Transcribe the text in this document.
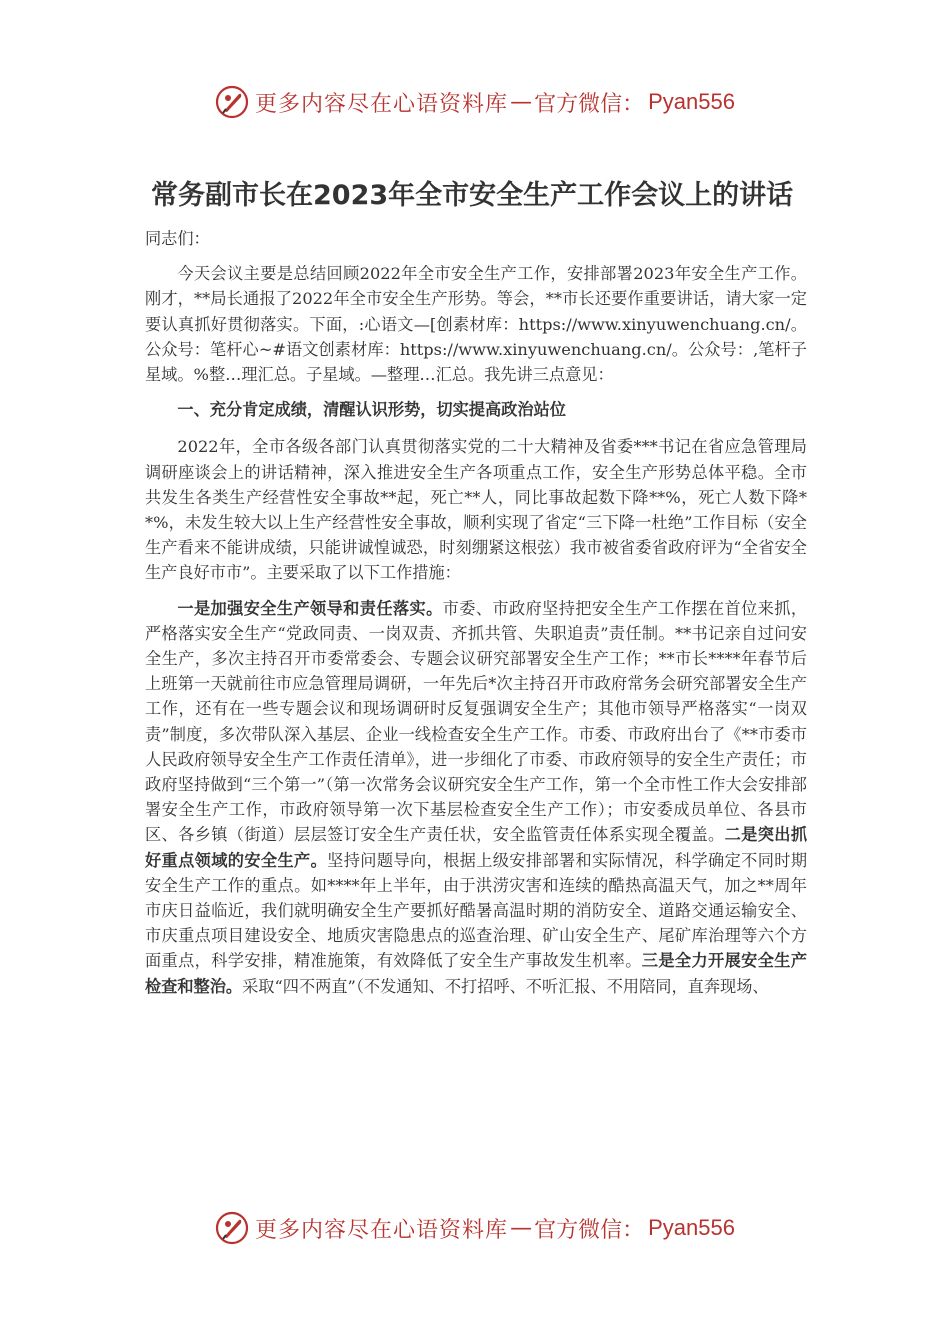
更多内容尽在心语资料库 — 官方微信： Pyan556
常务副市长在2023年全市安全生产工作会议上的讲话

同志们：

今天会议主要是总结回顾2022年全市安全生产工作，安排部署2023年安全生产工作。刚才，**局长通报了2022年全市安全生产形势。等会，**市长还要作重要讲话，请大家一定要认真抓好贯彻落实。下面，:心语文—[创素材库：https://www.xinyuwenchuang.cn/。公众号：笔杆心~#语文创素材库：https://www.xinyuwenchuang.cn/。公众号：,笔杆子星域。%整…理汇总。子星域。—整理…汇总。我先讲三点意见：

一、充分肯定成绩，清醒认识形势，切实提高政治站位

2022年，全市各级各部门认真贯彻落实党的二十大精神及省委***书记在省应急管理局调研座谈会上的讲话精神，深入推进安全生产各项重点工作，安全生产形势总体平稳。全市共发生各类生产经营性安全事故**起，死亡**人，同比事故起数下降**%，死亡人数下降**%，未发生较大以上生产经营性安全事故，顺利实现了省定“三下降一杜绝”工作目标（安全生产看来不能讲成绩，只能讲诚惶诚恐，时刻绷紧这根弦）我市被省委省政府评为“全省安全生产良好市市”。主要采取了以下工作措施：

一是加强安全生产领导和责任落实。市委、市政府坚持把安全生产工作摆在首位来抓，严格落实安全生产“党政同责、一岗双责、齐抓共管、失职追责”责任制。**书记亲自过问安全生产，多次主持召开市委常委会、专题会议研究部署安全生产工作；**市长****年春节后上班第一天就前往市应急管理局调研，一年先后*次主持召开市政府常务会研究部署安全生产工作，还有在一些专题会议和现场调研时反复强调安全生产；其他市领导严格落实“一岗双责”制度，多次带队深入基层、企业一线检查安全生产工作。市委、市政府出台了《**市委市人民政府领导安全生产工作责任清单》，进一步细化了市委、市政府领导的安全生产责任；市政府坚持做到“三个第一”（第一次常务会议研究安全生产工作，第一个全市性工作大会安排部署安全生产工作，市政府领导第一次下基层检查安全生产工作）；市安委成员单位、各县市区、各乡镇（街道）层层签订安全生产责任状，安全监管责任体系实现全覆盖。二是突出抓好重点领域的安全生产。坚持问题导向，根据上级安排部署和实际情况，科学确定不同时期安全生产工作的重点。如****年上半年，由于洪涝灾害和连续的酷热高温天气，加之**周年市庆日益临近，我们就明确安全生产要抓好酷暑高温时期的消防安全、道路交通运输安全、市庆重点项目建设安全、地质灾害隐患点的巡查治理、矿山安全生产、尾矿库治理等六个方面重点，科学安排，精准施策，有效降低了安全生产事故发生机率。三是全力开展安全生产检查和整治。采取“四不两直”（不发通知、不打招呼、不听汇报、不用陪同，直奔现场、

更多内容尽在心语资料库 — 官方微信： Pyan556
